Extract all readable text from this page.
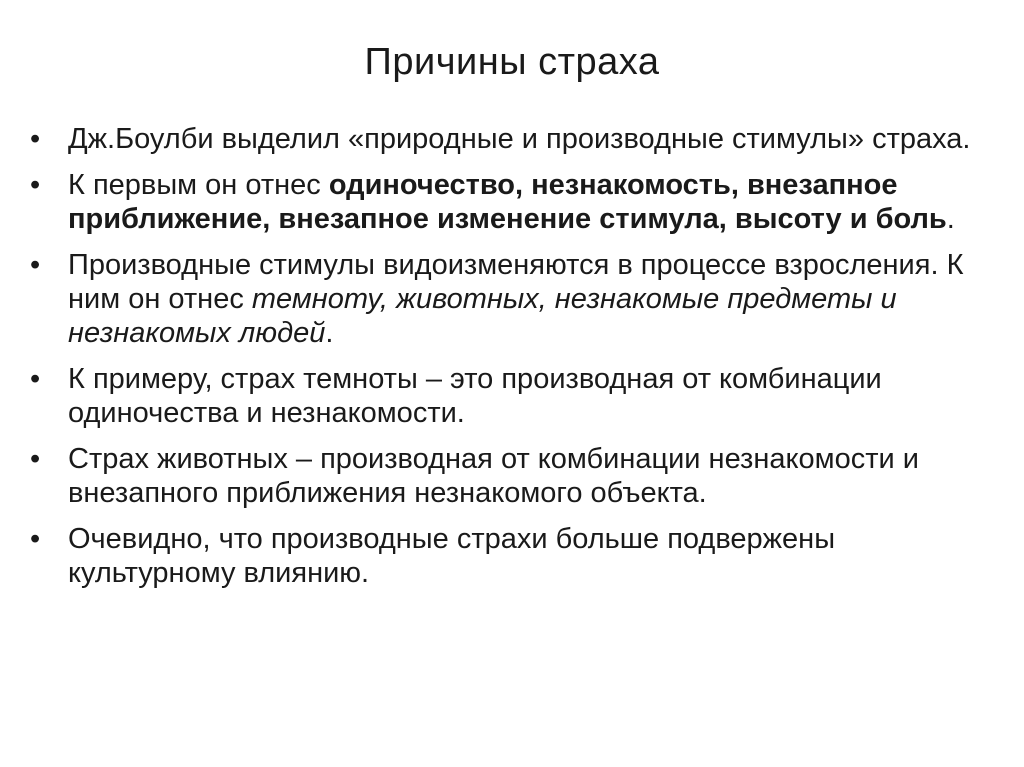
Причины страха
• Дж.Боулби выделил «природные и производные стимулы» страха.
• К первым он отнес одиночество, незнакомость, внезапное приближение, внезапное изменение стимула, высоту и боль.
• Производные стимулы видоизменяются в процессе взросления. К ним он отнес темноту, животных, незнакомые предметы и незнакомых людей.
• К примеру, страх темноты – это производная от комбинации одиночества и незнакомости.
• Страх животных – производная от комбинации незнакомости и внезапного приближения незнакомого объекта.
• Очевидно, что производные страхи больше подвержены культурному влиянию.
